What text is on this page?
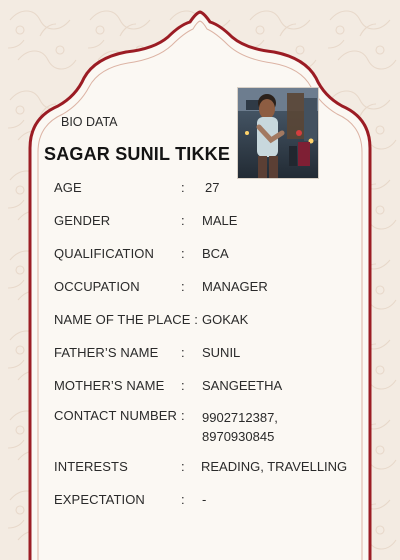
BIO DATA
SAGAR SUNIL TIKKE
AGE	: 27
GENDER	: MALE
QUALIFICATION : BCA
OCCUPATION	: MANAGER
NAME OF THE PLACE : GOKAK
FATHER’S NAME : SUNIL
MOTHER’S NAME : SANGEETHA
CONTACT NUMBER : 9902712387,
8970930845
INTERESTS	: READING, TRAVELLING
EXPECTATION	: -
